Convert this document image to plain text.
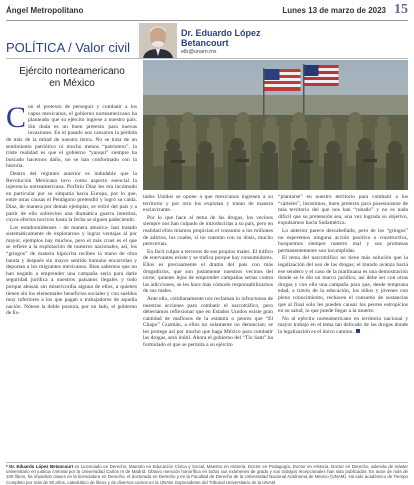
Ángel Metropolitano	Lunes 13 de marzo de 2023 15
POLÍTICA / Valor civil
Dr. Eduardo López
Betancourt
elb@unam.mx
Ejército norteamericano
en México
C on el pretexto de perseguir y combatir a los capos mexicanos, el gobierno norteamericano ha planteado que su ejército ingrese a nuestro país. Sin duda es un buen pretexto para nuevas invasiones. En el pasado nos causaron la pérdida de más de la mitad de nuestra tierra. No se trata de un sentimiento patriótico ni mucho menos “patriotero”, la triste realidad es que el gobierno “yanqui” siempre ha buscado hacernos daño, no se han conformado con la historia.

Dentro del régimen anterior es indudable que la Revolución Mexicana tuvo como aspecto esencial la injerencia norteamericana. Porfirio Díaz les era incómodo en particular por su simpatía hacia Europa, por lo que, entre otras causas el Pentágono pretendió y logró su caída. Díaz, de manera por demás ejemplar, se retiró del país y a partir de ello sobrevino una dramática guerra intestina, cuyos efectos nocivos hasta la fecha se siguen padeciendo.

Los estadounidenses - de manera abusiva- han tratado sistemáticamente de explotarnos y lograr ventajas al por mayor, ejemplos hay muchos, pero el más cruel es el que se refiere a la explotación de nuestros nacionales, así, los “gringos” de manera hipócrita reciben la mano de obra barata y después sin mayor sentido humano encarcelan y deportan a los migrantes mexicanos. Bien sabemos que no han negado a emprender una campaña seria para darle seguridad jurídica a nuestros paisanos ilegales y todo porque abusan sin misericordia alguna de ellos, a quienes tienen sin los elementales beneficios sociales y con sueldos muy inferiores a los que pagan a trabajadores de aquella nación. Nótese la doble postura, por un lado, el gobierno de Es-

tados Unidos se opone a que mexicanos ingresen a su territorio y por otro los explotan y tratan de manera esclavizante.

Por lo que hace al tema de las drogas, los vecinos siempre nos han culpado de introducirlas a su país, pero en realidad ellos mismos propician el consumo a los millones de adictos, los cuales, si no cuentan con su dosis, mucho perecerían.

En fácil culpar a terceros de sus propios males. El tráfico de enervantes existe y se trafica porque hay consumidores. Ellos es precisamente el drama del país con más drogadictos, que son justamente nuestros vecinos del norte; quienes lejos de emprender campañas serias contra las adicciones, se les hace más cómodo responsabilizarnos de sus males.

Ante ello, cotidianamente nos reclaman lo infructuoso de nuestras acciones para combatir el narcotráfico, pero deberíamos reflexionar que en Estados Unidos existe gran cantidad de mafiosos de la estatura o peores que “El Chapo” Guzmán, a ellos no solamente no denuncian; se les protege así por mucho que haga México para combatir las drogas, será inútil. Ahora el gobierno del “Tío Sam” ha formulado el que se permita a su ejército

“plantarse” en nuestro territorio para combatir a los “cárteles”, insistimos, buen pretexto para posesionarse de más territorio del que nos han “robado” y no es nada difícil que su pretensión sea, una vez lograda su objetivo, expulsarnos hacia Sudamérica.

Lo anterior parece descabellado, pero de los “gringos” no esperemos ninguna acción positiva o constructiva, busquemos siempre nuestro mal y sus promesas permanentemente son incumplidas.

El tema del narcotráfico no tiene más solución que la legalización del uso de las drogas; el mundo avanza hacia ese sendero y el caso de la marihuana es una demostración donde se le dio un marco jurídico, así debe ser con otras drogas y con ello una campaña para que, desde temprana edad, a través de la educación, los niños y jóvenes con pleno conocimiento, rechacen el consumo de sustancias que al final solo les pueden causar los peores estropicios en su salud, lo que puede llegar a la muerte.

No al ejército norteamericano en territorio nacional y mayor trabajo en el tema tan delicado de las drogas donde la legalización es el único camino.

* Dr. Eduardo López Betancourt es Licenciado en Derecho, Maestro en Educación Cívica y Social, Maestro en Historia, Doctor en Pedagogía, Doctor en Historia, Doctor en Derecho, además de máster universitario en justicia criminal por la Universidad Carlos III de Madrid. Obtuvo mención honorífica en todos sus exámenes de grado y sus trabajos recepcionales han sido publicados. Es autor de más de 100 libros, ha impartido clases en la licenciatura en Derecho, el doctorado en Derecho y en la Facultad de Derecho de la Universidad Nacional Autónoma de México (UNAM). Ha sido académico de Tiempo Completo por más de 50 años, catedrático de libros y de diversos cursos en la UNAM. Expresidente del Tribunal Universitario de la UNAM.
